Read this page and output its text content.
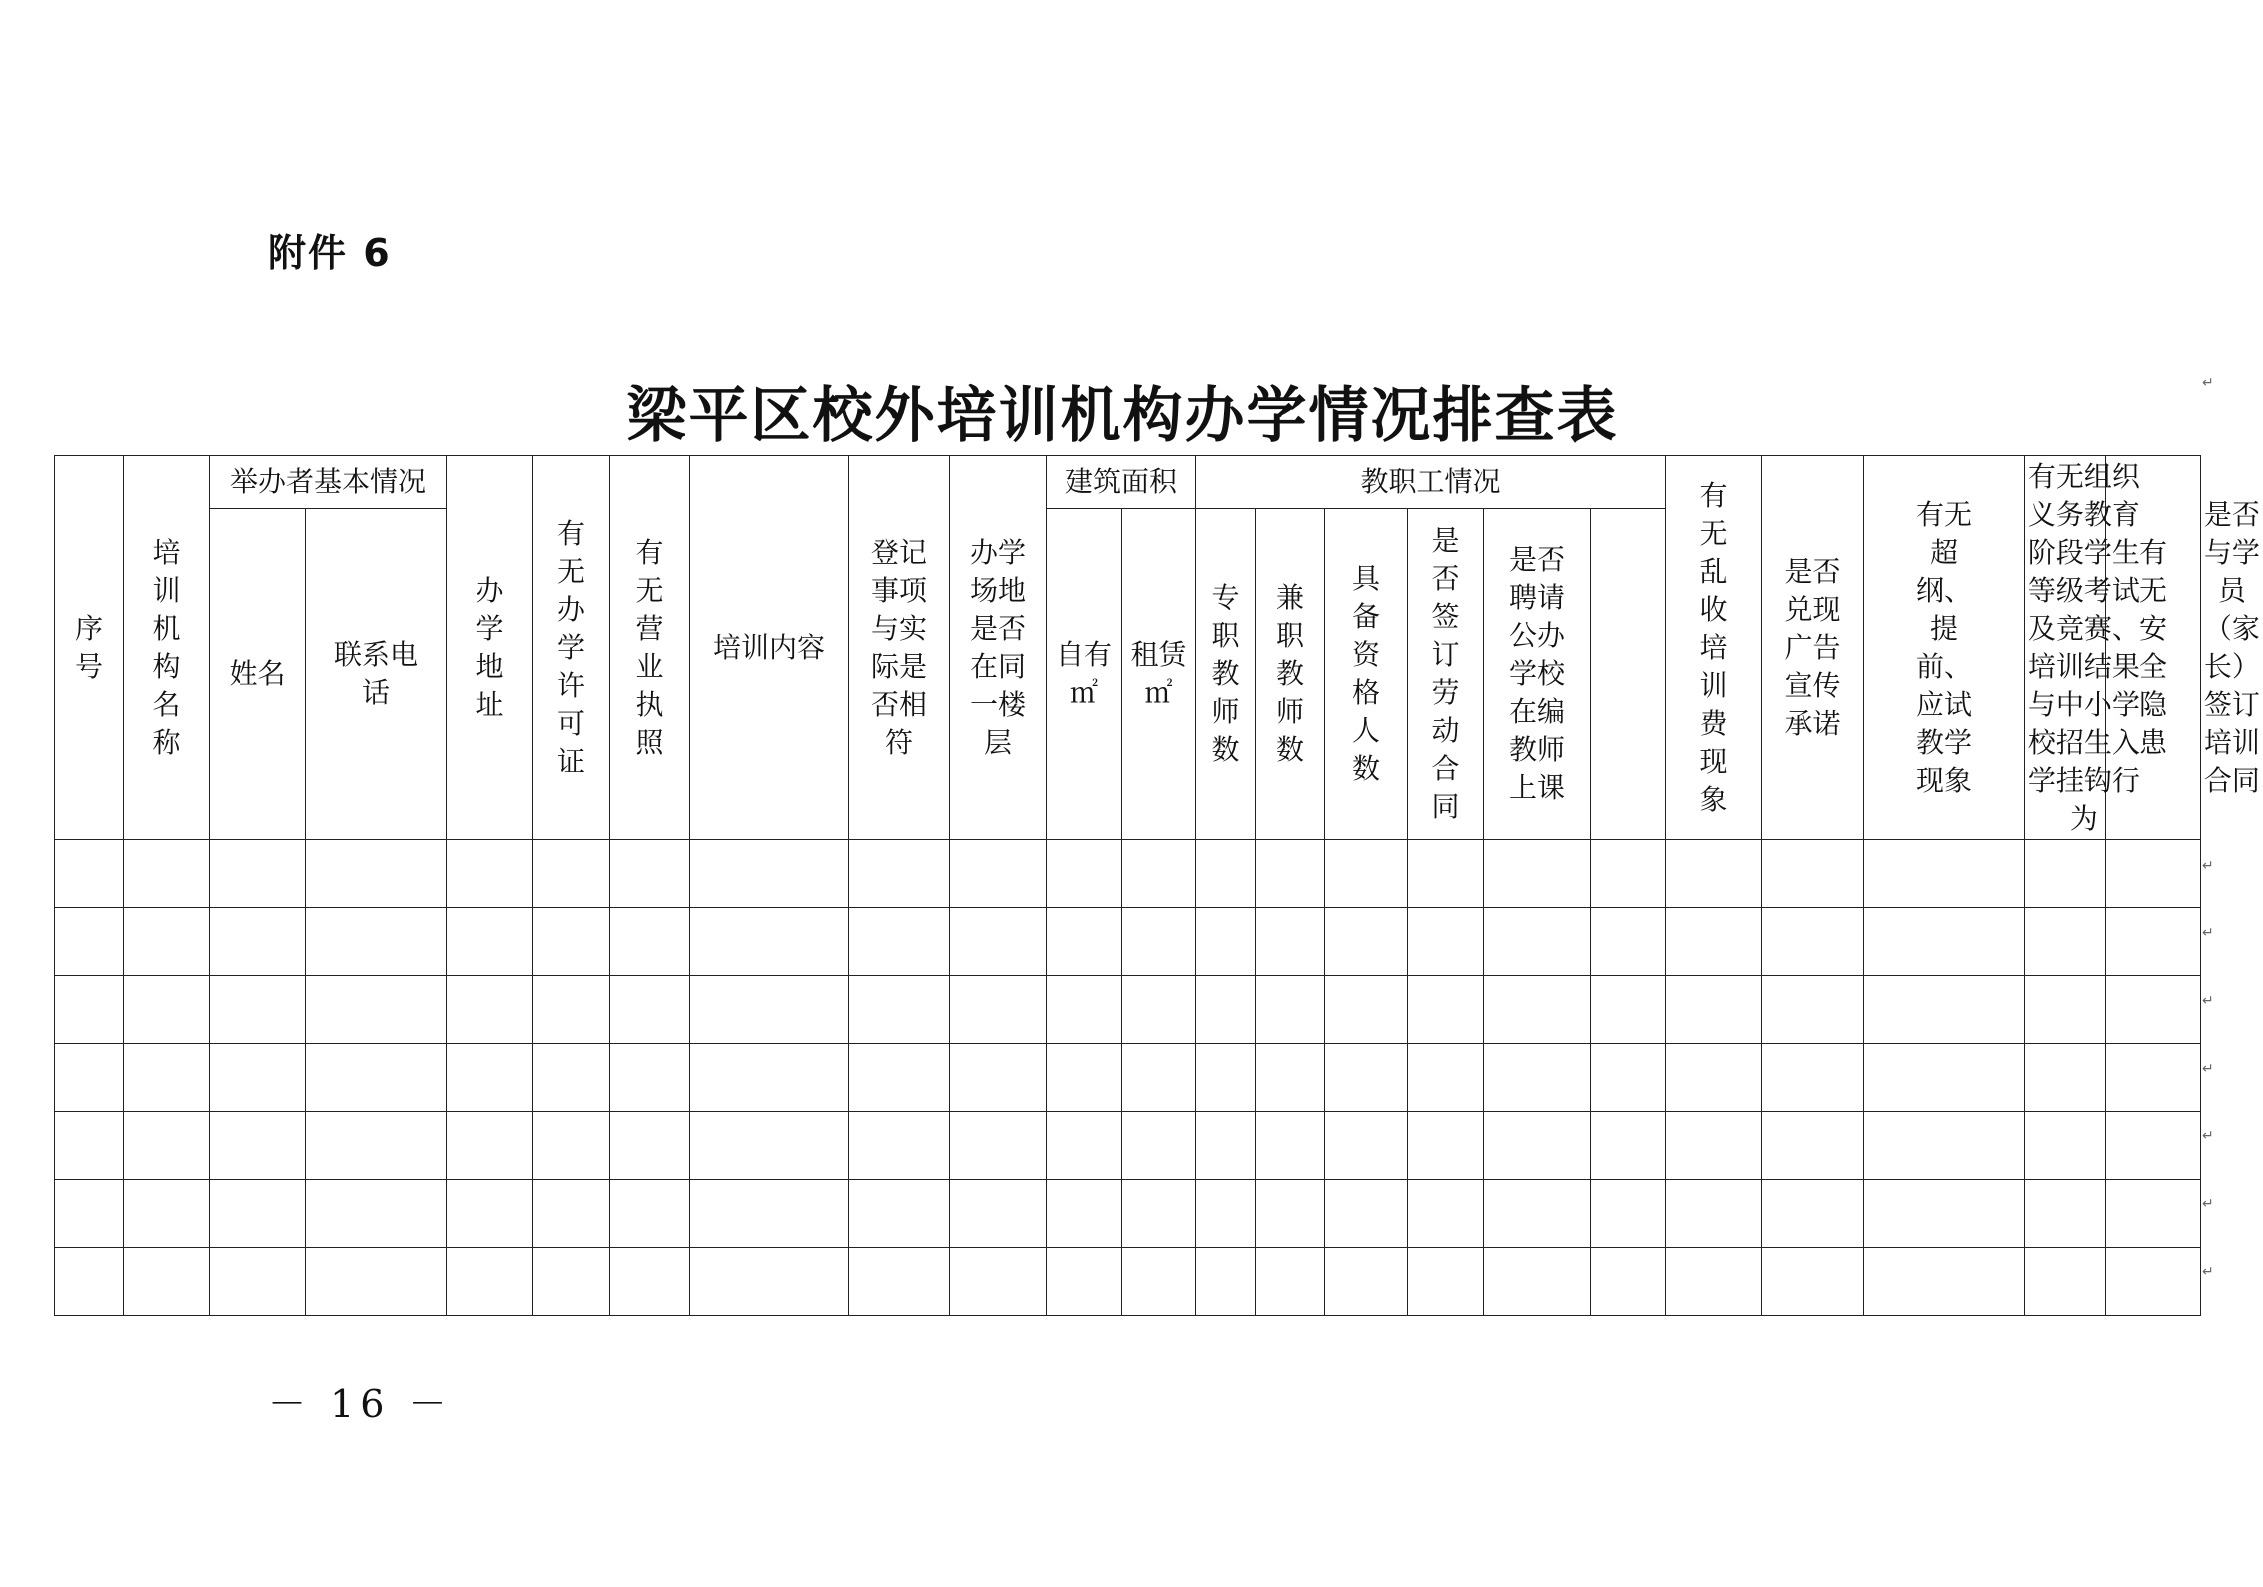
附件 6
梁平区校外培训机构办学情况排查表
序号	培训机构名称	举办者基本情况		办学地址	有无办学许可证	有无营业执照	培训内容	登记事项与实际是否相符	办学场地是否在同一楼层	建筑面积		教职工情况						有无乱收培训费现象	是否兑现广告宣传承诺	有无超纲、提前、应试教学现象	有无组织义务教育阶段学生等级考试及竞赛、培训结果与中小学校招生入学挂钩行为	有无安全隐患	是否与学员（家长）签订培训合同
		姓名	联系电话							自有㎡	租赁㎡	专职教师数	兼职教师数	具备资格人数	是否签订劳动合同	是否聘请公办学校在编教师上课							

－ 16 －
↵
↵
↵
↵
↵
↵
↵
↵
